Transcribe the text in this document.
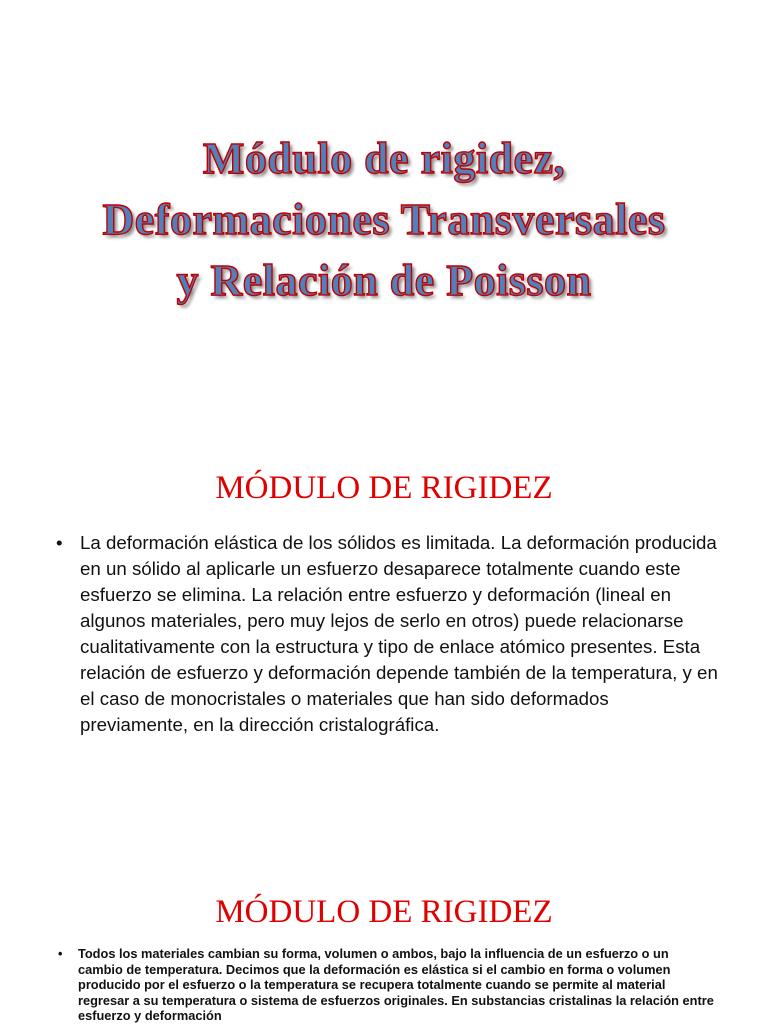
Módulo de rigidez,
Deformaciones Transversales
y Relación de Poisson
MÓDULO DE RIGIDEZ
• La deformación elástica de los sólidos es limitada. La deformación producida en un sólido al aplicarle un esfuerzo desaparece totalmente cuando este esfuerzo se elimina. La relación entre esfuerzo y deformación (lineal en algunos materiales, pero muy lejos de serlo en otros) puede relacionarse cualitativamente con la estructura y tipo de enlace atómico presentes. Esta relación de esfuerzo y deformación depende también de la temperatura, y en el caso de monocristales o materiales que han sido deformados previamente, en la dirección cristalográfica.
MÓDULO DE RIGIDEZ
• Todos los materiales cambian su forma, volumen o ambos, bajo la influencia de un esfuerzo o un cambio de temperatura. Decimos que la deformación es elástica si el cambio en forma o volumen producido por el esfuerzo o la temperatura se recupera totalmente cuando se permite al material regresar a su temperatura o sistema de esfuerzos originales. En substancias cristalinas la relación entre esfuerzo y deformación
